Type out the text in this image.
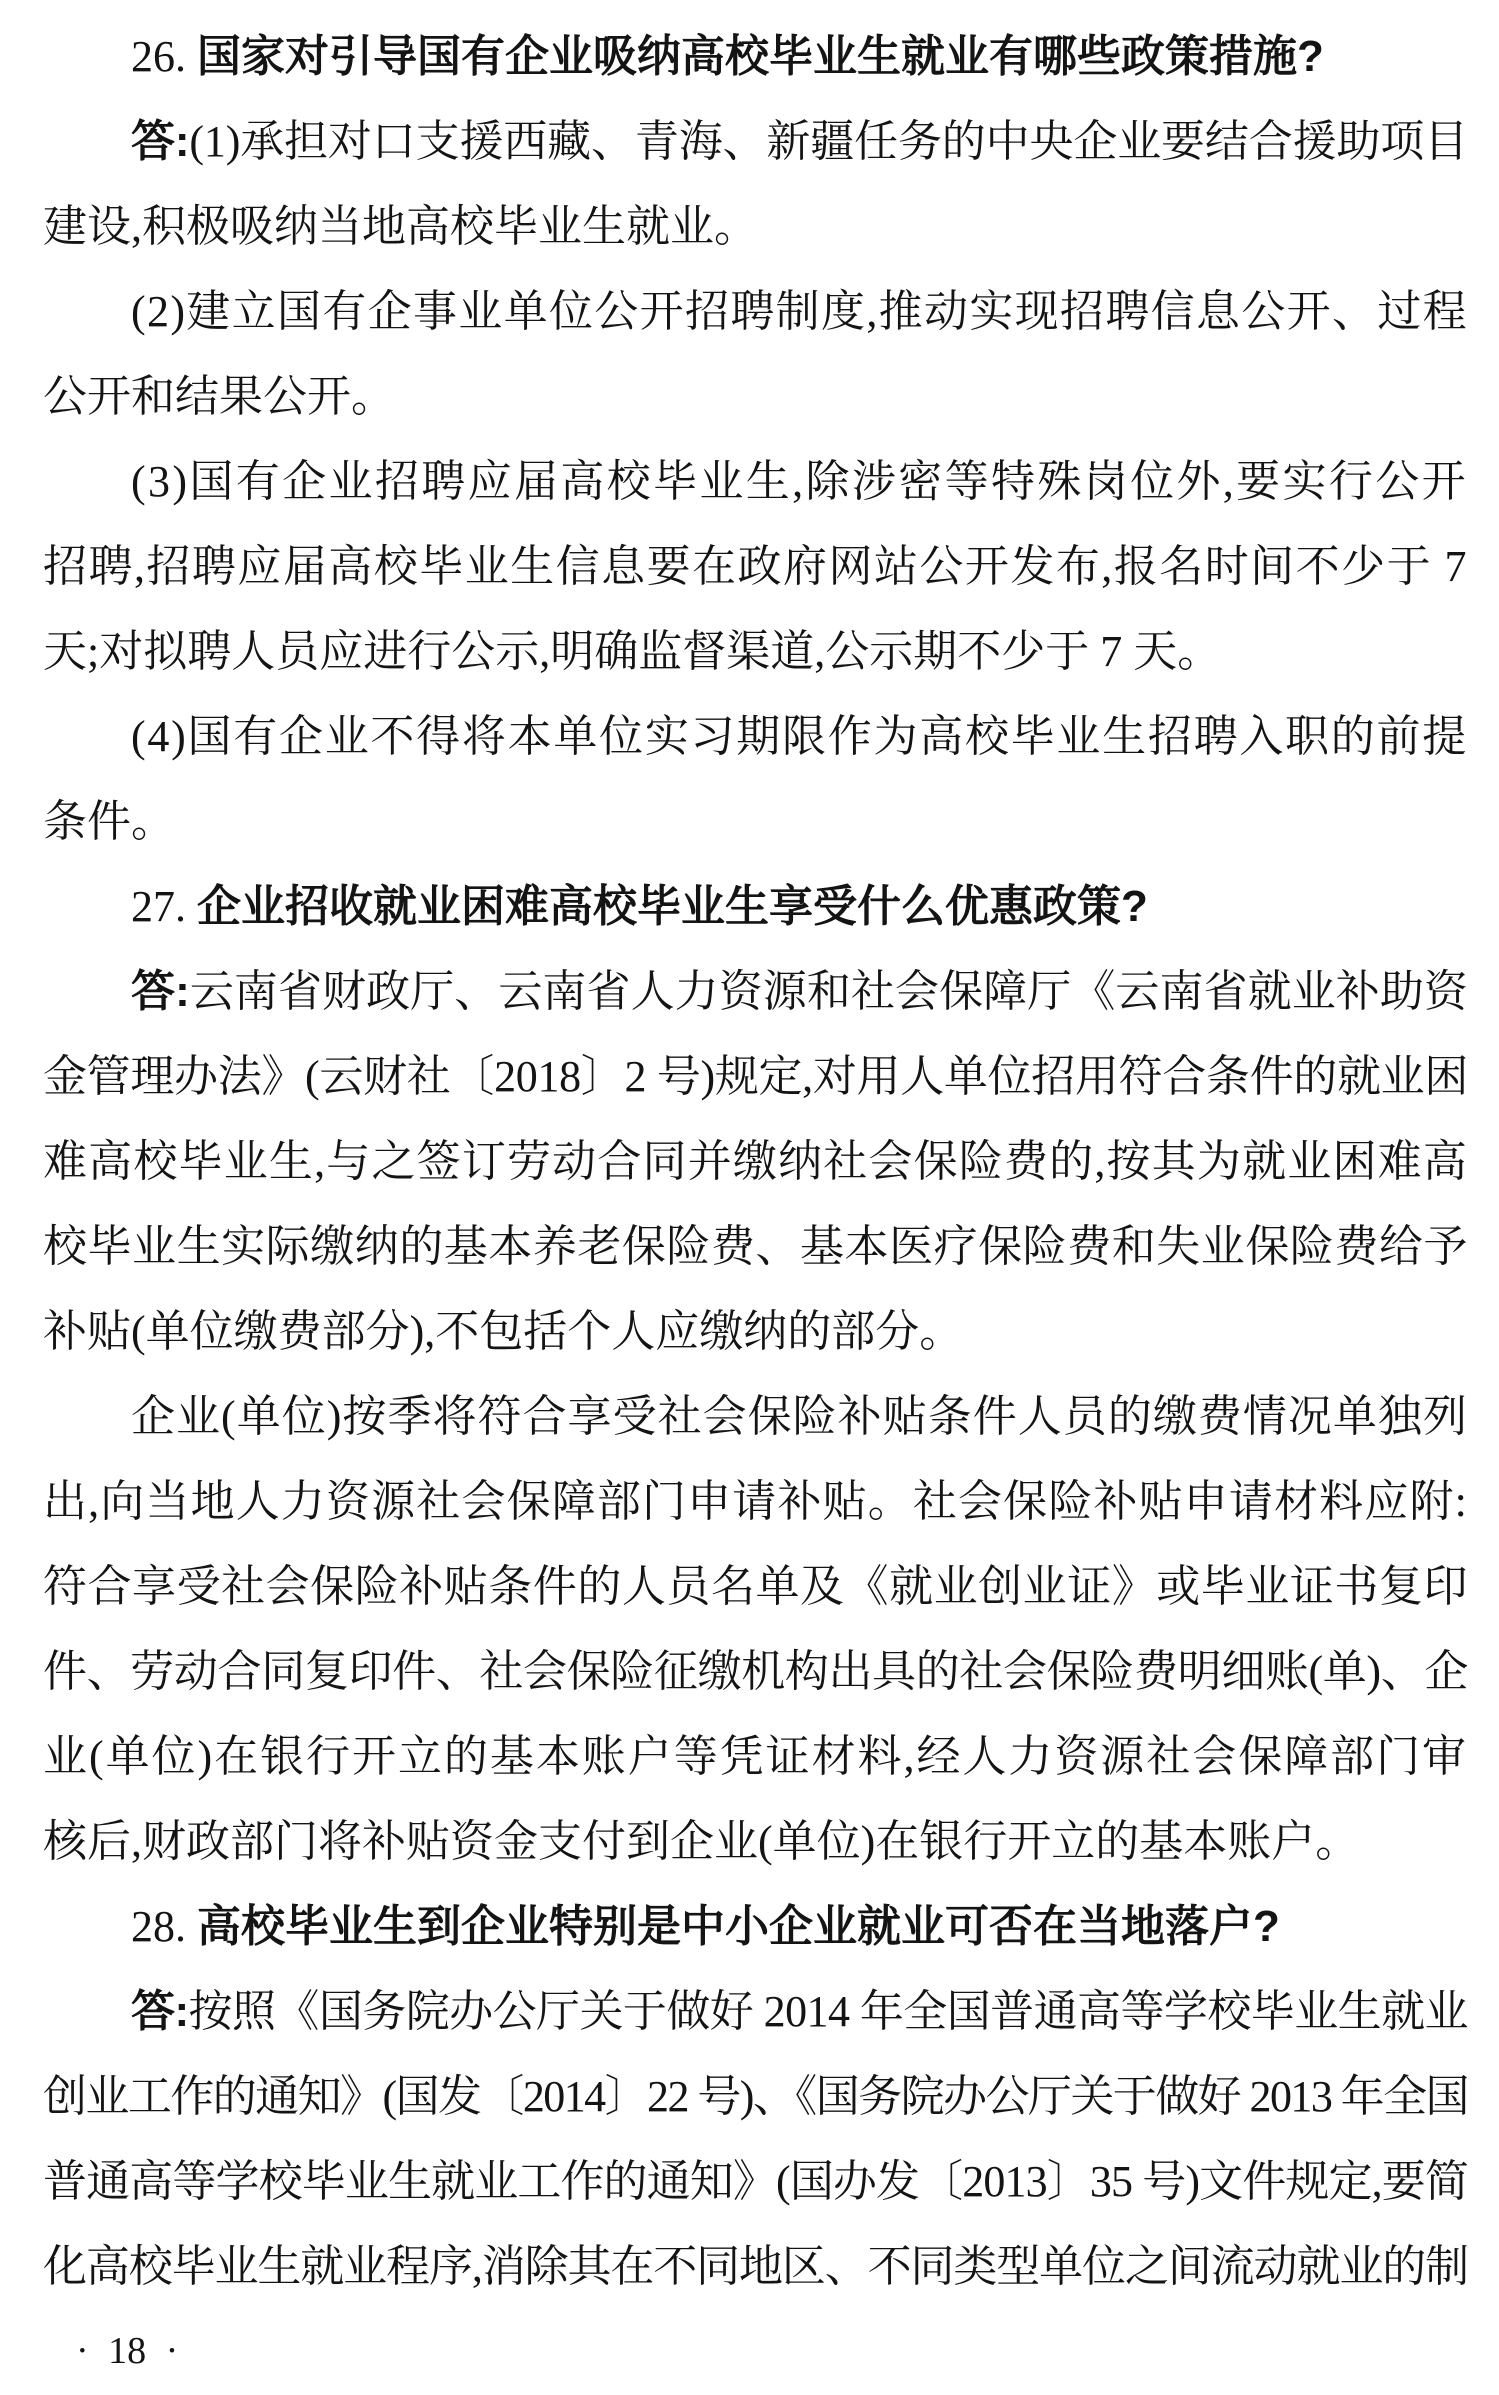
26. 国家对引导国有企业吸纳高校毕业生就业有哪些政策措施?
答:(1)承担对口支援西藏、青海、新疆任务的中央企业要结合援助项目
建设,积极吸纳当地高校毕业生就业。
(2)建立国有企事业单位公开招聘制度,推动实现招聘信息公开、过程
公开和结果公开。
(3)国有企业招聘应届高校毕业生,除涉密等特殊岗位外,要实行公开
招聘,招聘应届高校毕业生信息要在政府网站公开发布,报名时间不少于 7
天;对拟聘人员应进行公示,明确监督渠道,公示期不少于 7 天。
(4)国有企业不得将本单位实习期限作为高校毕业生招聘入职的前提
条件。
27. 企业招收就业困难高校毕业生享受什么优惠政策?
答:云南省财政厅、云南省人力资源和社会保障厅《云南省就业补助资
金管理办法》(云财社〔2018〕2 号)规定,对用人单位招用符合条件的就业困
难高校毕业生,与之签订劳动合同并缴纳社会保险费的,按其为就业困难高
校毕业生实际缴纳的基本养老保险费、基本医疗保险费和失业保险费给予
补贴(单位缴费部分),不包括个人应缴纳的部分。
企业(单位)按季将符合享受社会保险补贴条件人员的缴费情况单独列
出,向当地人力资源社会保障部门申请补贴。社会保险补贴申请材料应附:
符合享受社会保险补贴条件的人员名单及《就业创业证》或毕业证书复印
件、劳动合同复印件、社会保险征缴机构出具的社会保险费明细账(单)、企
业(单位)在银行开立的基本账户等凭证材料,经人力资源社会保障部门审
核后,财政部门将补贴资金支付到企业(单位)在银行开立的基本账户。
28. 高校毕业生到企业特别是中小企业就业可否在当地落户?
答:按照《国务院办公厅关于做好 2014 年全国普通高等学校毕业生就业
创业工作的通知》(国发〔2014〕22 号)、《国务院办公厅关于做好 2013 年全国
普通高等学校毕业生就业工作的通知》(国办发〔2013〕35 号)文件规定,要简
化高校毕业生就业程序,消除其在不同地区、不同类型单位之间流动就业的制
· 18 ·
